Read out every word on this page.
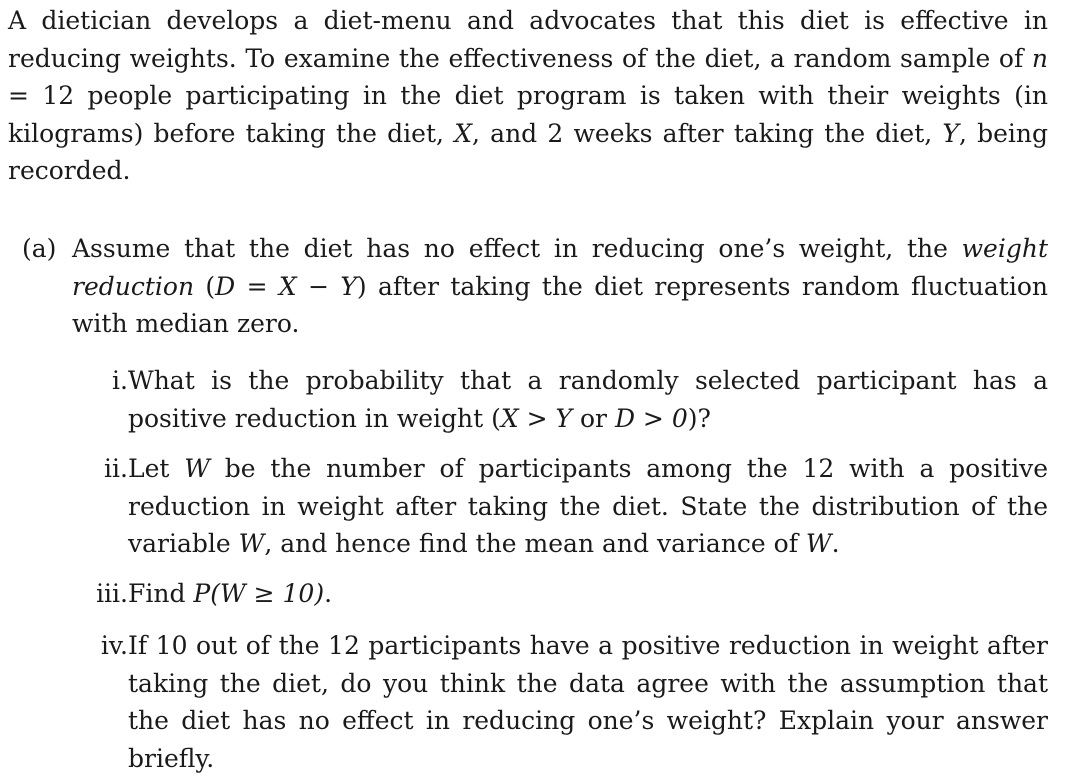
A dietician develops a diet-menu and advocates that this diet is effective in reducing weights. To examine the effectiveness of the diet, a random sample of n = 12 people participating in the diet program is taken with their weights (in kilograms) before taking the diet, X, and 2 weeks after taking the diet, Y, being recorded.

(a) Assume that the diet has no effect in reducing one’s weight, the weight reduction (D = X − Y) after taking the diet represents random fluctuation with median zero.
i. What is the probability that a randomly selected participant has a positive reduction in weight (X > Y or D > 0)?
ii. Let W be the number of participants among the 12 with a positive reduction in weight after taking the diet. State the distribution of the variable W, and hence find the mean and variance of W.
iii. Find P(W ≥ 10).
iv. If 10 out of the 12 participants have a positive reduction in weight after taking the diet, do you think the data agree with the assumption that the diet has no effect in reducing one’s weight? Explain your answer briefly.
